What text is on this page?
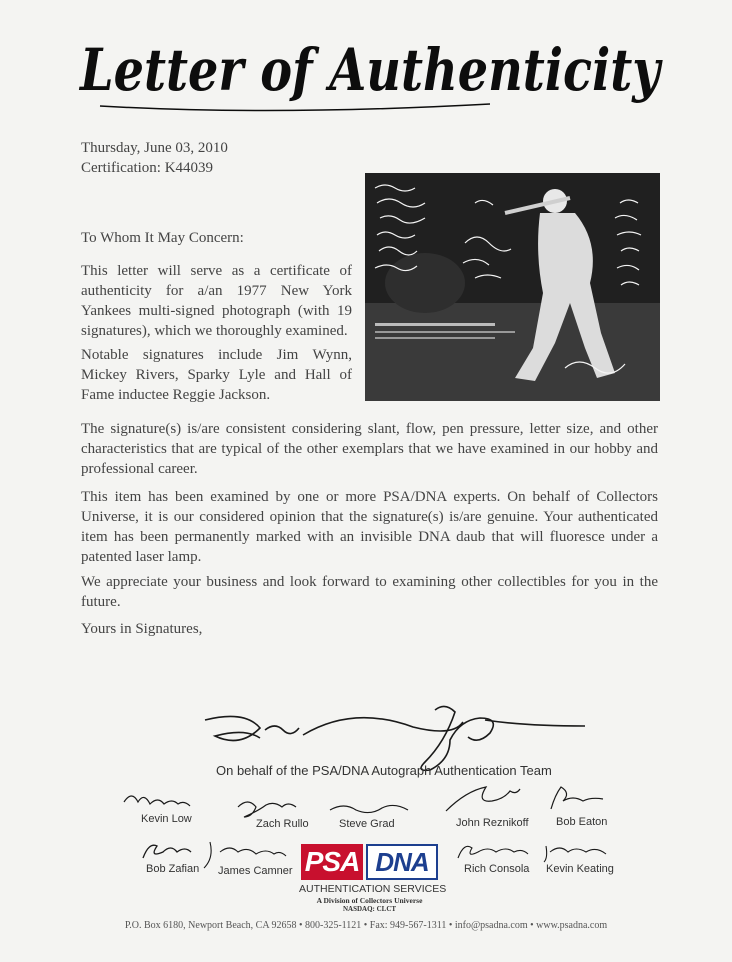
Letter of Authenticity
Thursday, June 03, 2010
Certification: K44039
To Whom It May Concern:
This letter will serve as a certificate of authenticity for a/an 1977 New York Yankees multi-signed photograph (with 19 signatures), which we thoroughly examined.
Notable signatures include Jim Wynn, Mickey Rivers, Sparky Lyle and Hall of Fame inductee Reggie Jackson.
The signature(s) is/are consistent considering slant, flow, pen pressure, letter size, and other characteristics that are typical of the other exemplars that we have examined in our hobby and professional career.
This item has been examined by one or more PSA/DNA experts. On behalf of Collectors Universe, it is our considered opinion that the signature(s) is/are genuine. Your authenticated item has been permanently marked with an invisible DNA daub that will fluoresce under a patented laser lamp.
We appreciate your business and look forward to examining other collectibles for you in the future.
Yours in Signatures,
On behalf of the PSA/DNA Autograph Authentication Team
Kevin Low	Zach Rullo	Steve Grad	John Reznikoff Bob Eaton
Bob Zafian James Camner	Rich Consola Kevin Keating
PSA DNA
AUTHENTICATION SERVICES
A Division of Collectors Universe
NASDAQ: CLCT
P.O. Box 6180, Newport Beach, CA 92658 • 800-325-1121 • Fax: 949-567-1311 • info@psadna.com • www.psadna.com
